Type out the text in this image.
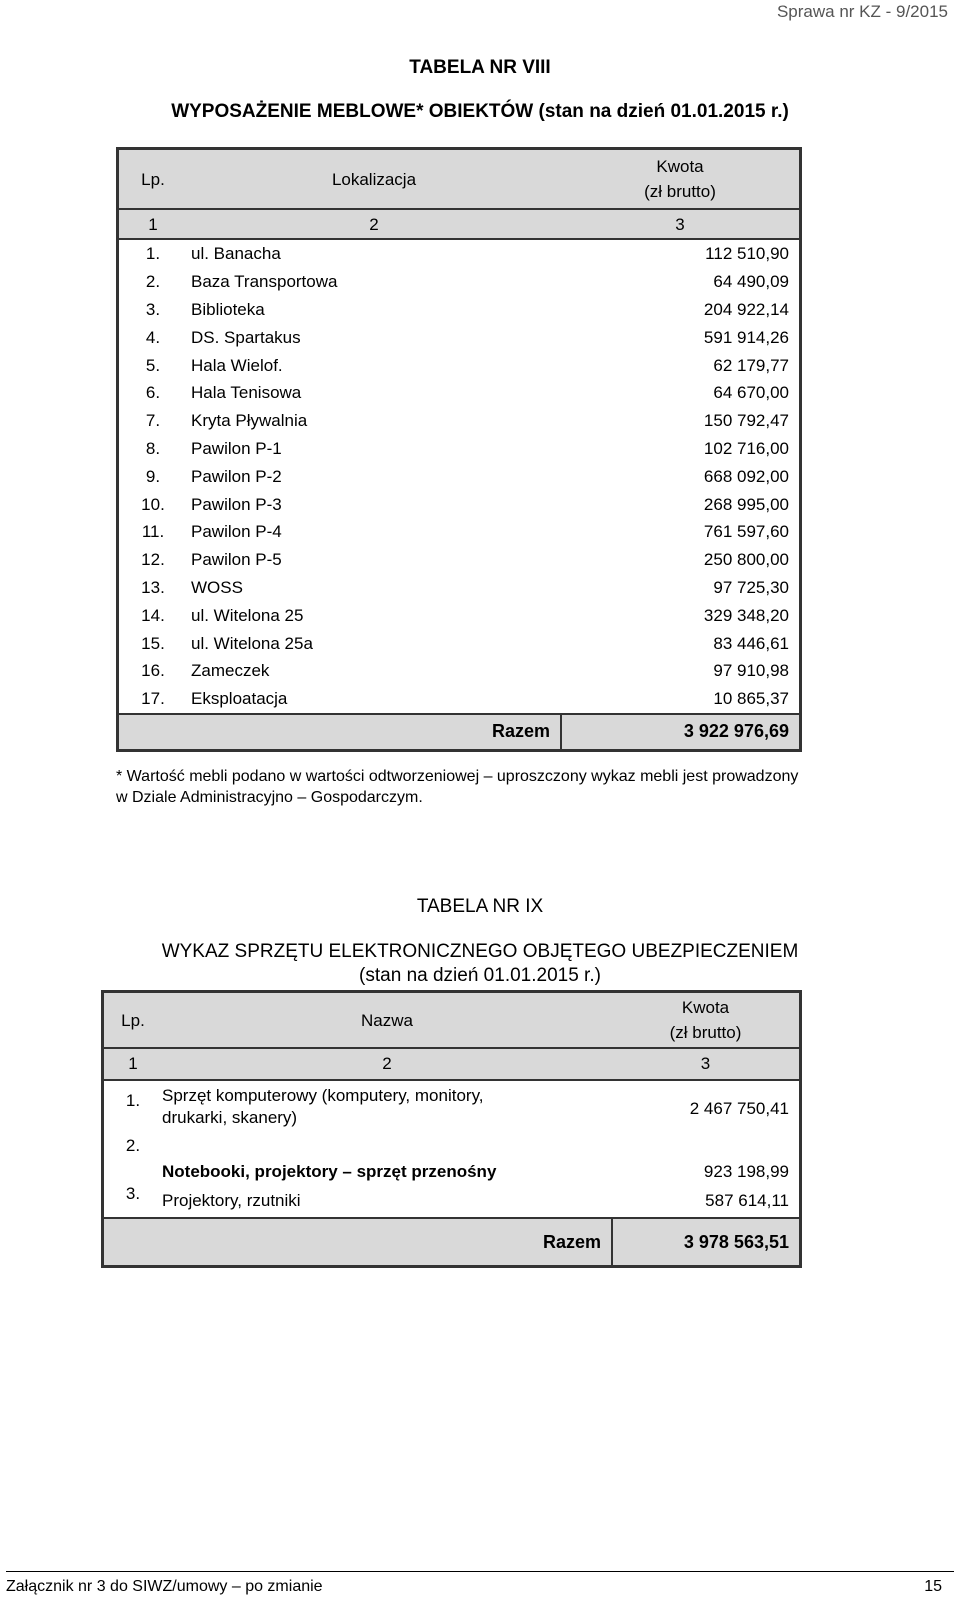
Sprawa nr KZ - 9/2015
TABELA NR VIII
WYPOSAŻENIE MEBLOWE* OBIEKTÓW (stan na dzień 01.01.2015 r.)
Lp.	Lokalizacja	Kwota
(zł brutto)

1	2	3
1.	ul. Banacha	112 510,90
2.	Baza Transportowa	64 490,09
3.	Biblioteka	204 922,14
4.	DS. Spartakus	591 914,26
5.	Hala Wielof.	62 179,77
6.	Hala Tenisowa	64 670,00
7.	Kryta Pływalnia	150 792,47
8.	Pawilon P-1	102 716,00
9.	Pawilon P-2	668 092,00
10.	Pawilon P-3	268 995,00
11.	Pawilon P-4	761 597,60
12.	Pawilon P-5	250 800,00
13.	WOSS	97 725,30
14.	ul. Witelona 25	329 348,20
15.	ul. Witelona 25a	83 446,61
16.	Zameczek	97 910,98
17.	Eksploatacja	10 865,37
	Razem	3 922 976,69
* Wartość mebli podano w wartości odtworzeniowej – uproszczony wykaz mebli jest prowadzony
w Dziale Administracyjno – Gospodarczym.
TABELA NR IX
WYKAZ SPRZĘTU ELEKTRONICZNEGO OBJĘTEGO UBEZPIECZENIEM
(stan na dzień 01.01.2015 r.)
Lp.	Nazwa	Kwota
(zł brutto)

1	2	3
1.	Sprzęt komputerowy (komputery, monitory,
drukarki, skanery)	2 467 750,41
2.	Notebooki, projektory – sprzęt przenośny	923 198,99
3.	Projektory, rzutniki	587 614,11
	Razem	3 978 563,51
Załącznik nr 3 do SIWZ/umowy – po zmianie	15
